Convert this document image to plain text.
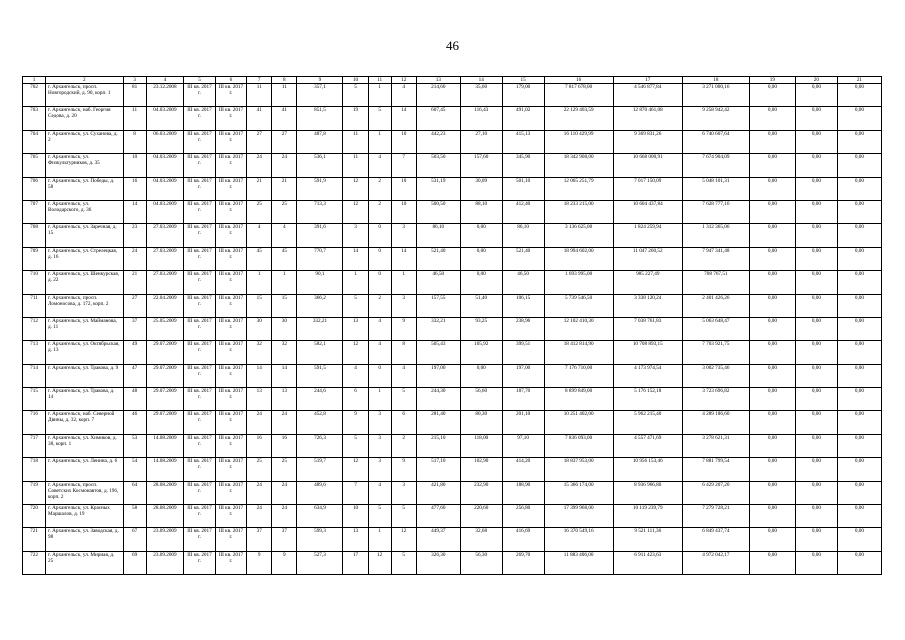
46
1	2	3	4	5	6	7	8	9	10	11	12	13	14	15	16	17	18	19	20	21
702	г. Архангельск, просп. Новгородский, д. 90, корп. 1	81	23.12.2008	III кв. 2017 г.	III кв. 2017 г.	11	11	357,1	5	1	4	214,60	35,60	179,00	7 817 678,00	4 546 877,84	3 271 000,16	0,00	0,00	0,00
703	г. Архангельск, наб. Георгия Седова, д. 20	11	04.03.2009	III кв. 2017 г.	III кв. 2017 г.	41	41	851,5	19	5	14	607,45	116,43	491,02	22 129 403,59	12 870 461,08	9 258 942,42	0,00	0,00	0,00
704	г. Архангельск, ул. Суханова, д. 2	8	06.03.2009	III кв. 2017 г.	III кв. 2017 г.	27	27	487,8	11	1	10	442,23	27,10	415,13	16 110 429,99	9 369 831,26	6 740 607,64	0,00	0,00	0,00
705	г. Архангельск, ул. Физкультурников, д. 35	10	04.03.2009	III кв. 2017 г.	III кв. 2017 г.	24	24	536,1	11	4	7	503,50	157,60	345,90	18 342 908,00	10 668 000,91	7 674 904,09	0,00	0,00	0,00
706	г. Архангельск, ул. Победы, д. 58	16	04.03.2009	III кв. 2017 г.	III кв. 2017 г.	21	21	591,9	12	2	10	531,19	30,09	501,10	12 065 251,79	7 017 150,09	5 048 101,31	0,00	0,00	0,00
707	г. Архангельск, ул. Володарского, д. 36	14	04.03.2009	III кв. 2017 г.	III кв. 2017 г.	25	25	713,3	12	2	10	500,50	88,10	412,40	18 233 215,00	10 604 437,84	7 628 777,16	0,00	0,00	0,00
708	г. Архангельск, ул. Заречная, д. 15	23	27.03.2009	III кв. 2017 г.	III кв. 2017 г.	4	4	391,6	3	0	3	86,10	0,00	86,10	3 136 625,00	1 824 259,94	1 312 365,06	0,00	0,00	0,00
709	г. Архангельск, ул. Стрелецкая, д. 16	24	27.03.2009	III кв. 2017 г.	III кв. 2017 г.	45	45	770,7	14	0	14	521,40	0,00	521,40	18 994 602,00	11 047 260,52	7 947 341,48	0,00	0,00	0,00
710	г. Архангельск, ул. Шенкурская, д. 22	21	27.03.2009	III кв. 2017 г.	III кв. 2017 г.	1	1	90,1	1	0	1	46,50	0,00	46,50	1 693 995,00	985 227,49	708 767,51	0,00	0,00	0,00
711	г. Архангельск, просп. Ломоносова, д. 172, корп. 2	27	22.04.2009	III кв. 2017 г.	III кв. 2017 г.	15	15	366,2	5	2	3	157,55	51,40	106,15	5 739 546,50	3 338 120,24	2 401 426,26	0,00	0,00	0,00
712	г. Архангельск, ул. Майманова, д. 11	37	25.05.2009	III кв. 2017 г.	III кв. 2017 г.	30	30	332,21	13	4	9	332,21	93,25	238,96	12 102 410,30	7 038 761,83	5 063 648,47	0,00	0,00	0,00
713	г. Архангельск, ул. Октябрьская, д. 13	49	29.07.2009	III кв. 2017 г.	III кв. 2017 г.	32	32	582,1	12	4	8	505,43	105,92	399,51	18 412 814,90	10 708 893,15	7 703 921,75	0,00	0,00	0,00
714	г. Архангельск, ул. Тракова, д. 9	47	29.07.2009	III кв. 2017 г.	III кв. 2017 г.	14	14	591,5	4	0	4	197,00	0,00	197,00	7 176 710,00	4 173 974,54	3 002 735,46	0,00	0,00	0,00
715	г. Архангельск, ул. Тракова, д. 14	48	29.07.2009	III кв. 2017 г.	III кв. 2017 г.	13	13	244,6	6	1	5	244,30	56,60	187,70	8 899 849,00	5 176 152,18	3 723 696,82	0,00	0,00	0,00
716	г. Архангельск, наб. Северной Двины, д. 32, корп. 7	46	29.07.2009	III кв. 2017 г.	III кв. 2017 г.	24	24	452,8	9	3	6	281,40	80,30	201,10	10 251 402,00	5 962 215,40	4 289 186,60	0,00	0,00	0,00
717	г. Архангельск, ул. Химиков, д. 38, корп. 1	53	14.08.2009	III кв. 2017 г.	III кв. 2017 г.	16	16	726,3	5	3	2	215,10	118,00	97,10	7 836 093,00	4 557 471,69	3 278 621,31	0,00	0,00	0,00
718	г. Архангельск, ул. Ленина, д. 6	54	14.08.2009	III кв. 2017 г.	III кв. 2017 г.	25	25	519,7	12	3	9	517,10	102,90	414,20	18 837 953,00	10 956 153,46	7 881 799,54	0,00	0,00	0,00
719	г. Архангельск, просп. Советских Космонавтов, д. 196, корп. 2	64	28.08.2009	III кв. 2017 г.	III кв. 2017 г.	24	24	489,6	7	4	3	421,80	232,90	188,90	15 366 174,00	8 936 966,80	6 429 207,20	0,00	0,00	0,00
720	г. Архангельск, ул. Красных Маршалов, д. 19	58	28.08.2009	III кв. 2017 г.	III кв. 2017 г.	24	24	634,9	10	5	5	477,60	220,60	256,80	17 399 968,00	10 119 239,79	7 279 728,21	0,00	0,00	0,00
721	г. Архангельск, ул. Заводская, д. 98	67	23.09.2009	III кв. 2017 г.	III кв. 2017 г.	37	37	599,3	13	1	12	449,37	32,68	416,69	16 370 549,16	9 521 111,36	6 849 437,74	0,00	0,00	0,00
722	г. Архангельск, ул. Мирная, д. 25	69	23.09.2009	III кв. 2017 г.	III кв. 2017 г.	9	9	527,3	17	12	5	326,30	56,30	269,70	11 883 406,00	6 911 423,63	4 972 042,17	0,00	0,00	0,00
